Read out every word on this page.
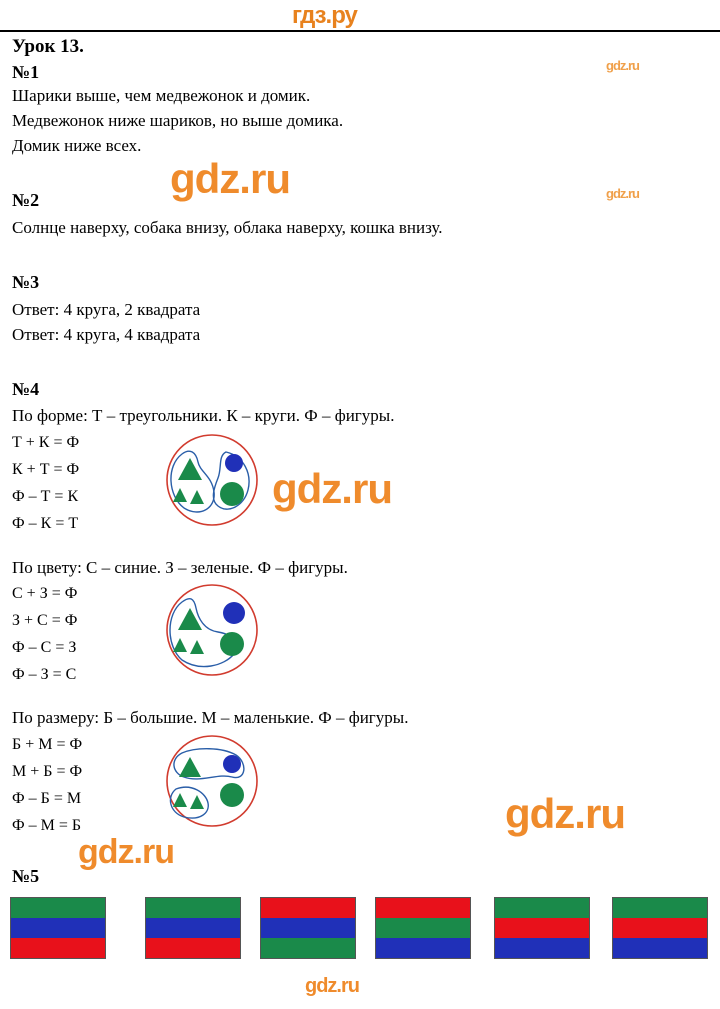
гдз.ру
Урок 13.
№1
Шарики выше, чем медвежонок и домик.
Медвежонок ниже шариков, но выше домика.
Домик ниже всех.
№2
Солнце наверху, собака внизу, облака наверху, кошка внизу.
№3
Ответ: 4 круга, 2 квадрата
Ответ: 4 круга, 4 квадрата
№4
По форме: Т – треугольники. К – круги. Ф – фигуры.
Т + К = Ф
К + Т = Ф
Ф – Т = К
Ф – К = Т
По цвету: С – синие. З – зеленые. Ф – фигуры.
С + З = Ф
З + С = Ф
Ф – С = З
Ф – З = С
По размеру: Б – большие. М – маленькие. Ф – фигуры.
Б + М = Ф
М + Б = Ф
Ф – Б = М
Ф – М = Б
№5
gdz.ru
gdz.ru
gdz.ru
gdz.ru
gdz.ru
gdz.ru
gdz.ru
